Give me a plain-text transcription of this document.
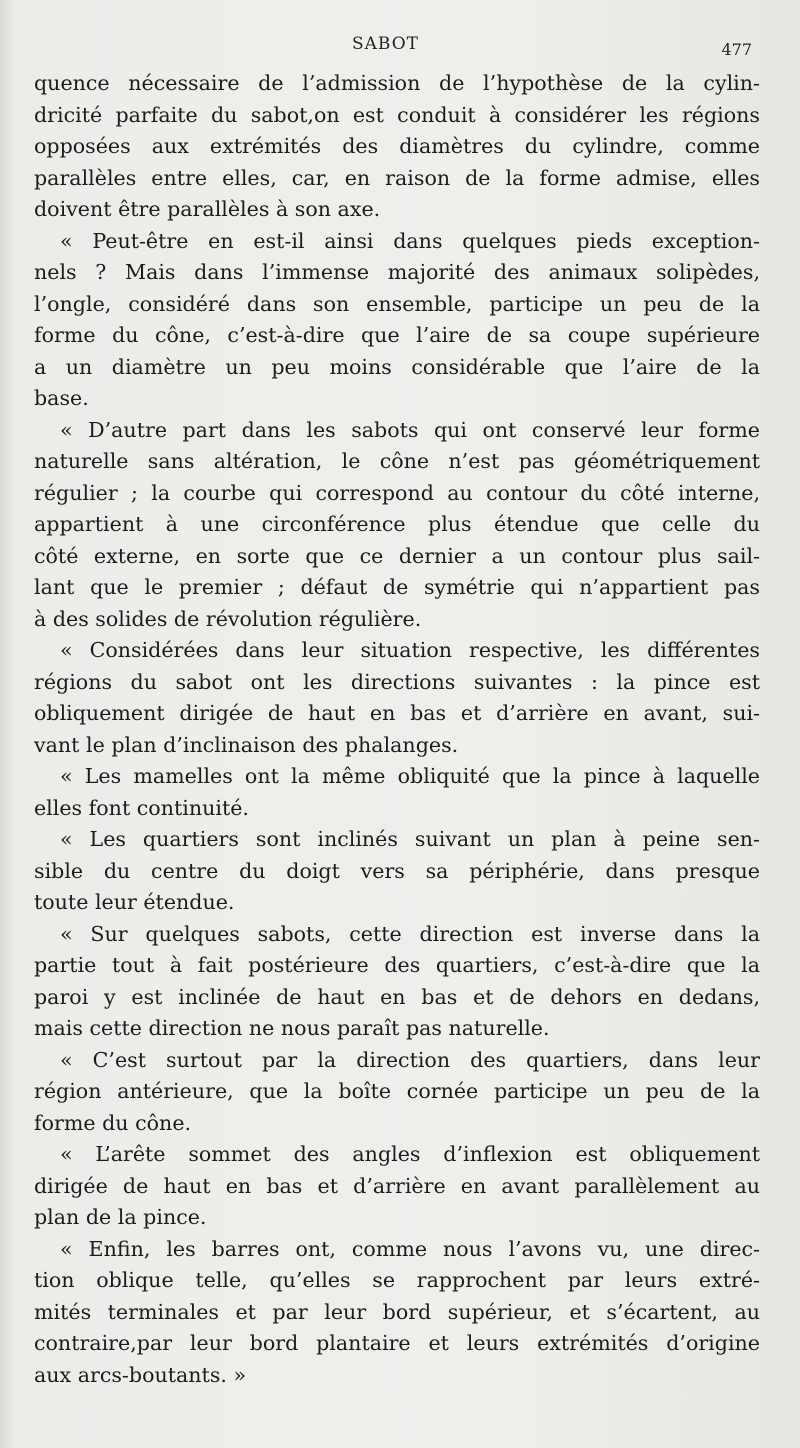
SABOT	477
quence nécessaire de l’admission de l’hypothèse de la cylin-
dricité parfaite du sabot,on est conduit à considérer les régions
opposées aux extrémités des diamètres du cylindre, comme
parallèles entre elles, car, en raison de la forme admise, elles
doivent être parallèles à son axe.
« Peut-être en est-il ainsi dans quelques pieds exception-
nels ? Mais dans l’immense majorité des animaux solipèdes,
l’ongle, considéré dans son ensemble, participe un peu de la
forme du cône, c’est-à-dire que l’aire de sa coupe supérieure
a un diamètre un peu moins considérable que l’aire de la
base.
« D’autre part dans les sabots qui ont conservé leur forme
naturelle sans altération, le cône n’est pas géométriquement
régulier ; la courbe qui correspond au contour du côté interne,
appartient à une circonférence plus étendue que celle du
côté externe, en sorte que ce dernier a un contour plus sail-
lant que le premier ; défaut de symétrie qui n’appartient pas
à des solides de révolution régulière.
« Considérées dans leur situation respective, les différentes
régions du sabot ont les directions suivantes : la pince est
obliquement dirigée de haut en bas et d’arrière en avant, sui-
vant le plan d’inclinaison des phalanges.
« Les mamelles ont la même obliquité que la pince à laquelle
elles font continuité.
« Les quartiers sont inclinés suivant un plan à peine sen-
sible du centre du doigt vers sa périphérie, dans presque
toute leur étendue.
« Sur quelques sabots, cette direction est inverse dans la
partie tout à fait postérieure des quartiers, c’est-à-dire que la
paroi y est inclinée de haut en bas et de dehors en dedans,
mais cette direction ne nous paraît pas naturelle.
« C’est surtout par la direction des quartiers, dans leur
région antérieure, que la boîte cornée participe un peu de la
forme du cône.
« L’arête sommet des angles d’inflexion est obliquement
dirigée de haut en bas et d’arrière en avant parallèlement au
plan de la pince.
« Enfin, les barres ont, comme nous l’avons vu, une direc-
tion oblique telle, qu’elles se rapprochent par leurs extré-
mités terminales et par leur bord supérieur, et s’écartent, au
contraire,par leur bord plantaire et leurs extrémités d’origine
aux arcs-boutants. »
